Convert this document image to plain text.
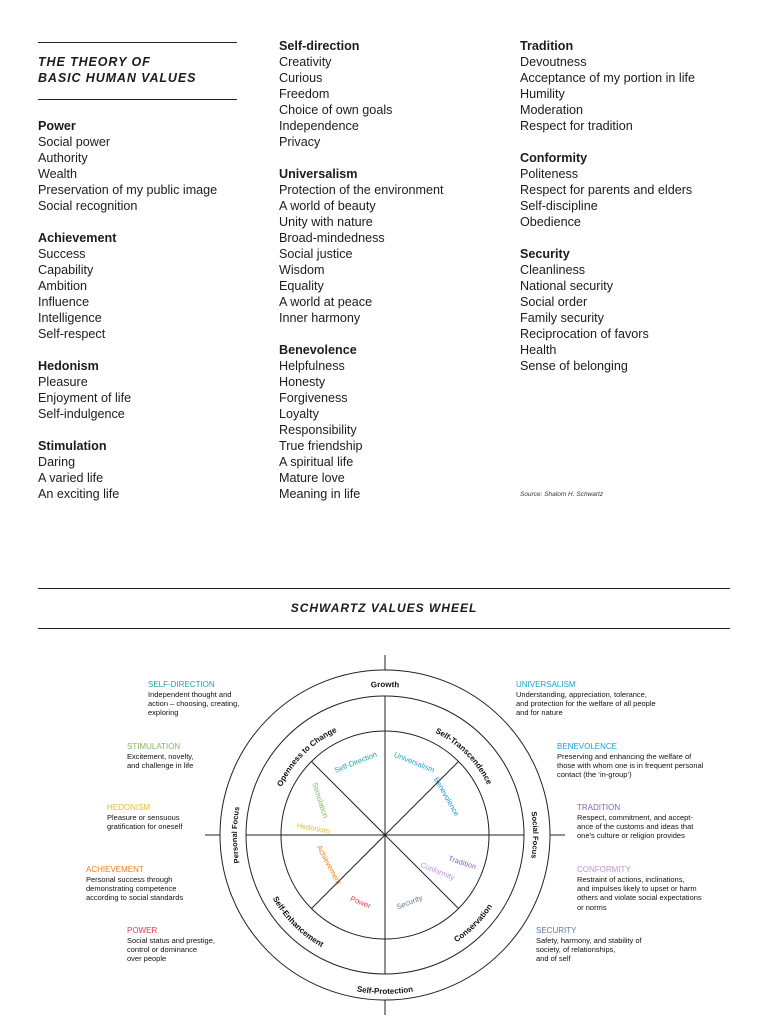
THE THEORY OF
BASIC HUMAN VALUES
Power
Social power
Authority
Wealth
Preservation of my public image
Social recognition
Achievement
Success
Capability
Ambition
Influence
Intelligence
Self-respect
Hedonism
Pleasure
Enjoyment of life
Self-indulgence
Stimulation
Daring
A varied life
An exciting life
Self-direction
Creativity
Curious
Freedom
Choice of own goals
Independence
Privacy
Universalism
Protection of the environment
A world of beauty
Unity with nature
Broad-mindedness
Social justice
Wisdom
Equality
A world at peace
Inner harmony
Benevolence
Helpfulness
Honesty
Forgiveness
Loyalty
Responsibility
True friendship
A spiritual life
Mature love
Meaning in life
Tradition
Devoutness
Acceptance of my portion in life
Humility
Moderation
Respect for tradition
Conformity
Politeness
Respect for parents and elders
Self-discipline
Obedience
Security
Cleanliness
National security
Social order
Family security
Reciprocation of favors
Health
Sense of belonging
Source: Shalom H. Schwartz
SCHWARTZ VALUES WHEEL
Growth
Self-Protection
Personal Focus
Social Focus
Openness to Change	Self-Transcendence
Self-Enhancement
Conservation
Self-Direction Universalism
Benevolence
Stimulation
Hedonism
Achievement
Power	Security
Conformity
Tradition
SELF-DIRECTION
Independent thought and
action – choosing, creating,
exploring
STIMULATION
Excitement, novelty,
and challenge in life
HEDONISM
Pleasure or sensuous
gratification for oneself
ACHIEVEMENT
Personal success through
demonstrating competence
according to social standards
POWER
Social status and prestige,
control or dominance
over people
UNIVERSALISM
Understanding, appreciation, tolerance,
and protection for the welfare of all people
and for nature
BENEVOLENCE
Preserving and enhancing the welfare of
those with whom one is in frequent personal
contact (the ‘in-group’)
TRADITION
Respect, commitment, and accept-
ance of the customs and ideas that
one’s culture or religion provides
CONFORMITY
Restraint of actions, inclinations,
and impulses likely to upset or harm
others and violate social expectations
or norms
SECURITY
Safety, harmony, and stability of
society, of relationships,
and of self
